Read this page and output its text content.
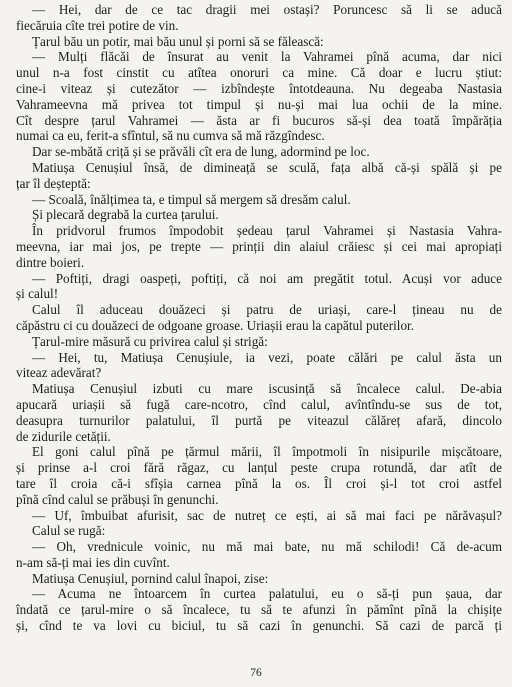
— Hei, dar de ce tac dragii mei ostași? Poruncesc să li se aducă
fiecăruia cîte trei potire de vin.
Țarul bău un potir, mai bău unul și porni să se fălească:
— Mulți flăcăi de însurat au venit la Vahramei pînă acuma, dar nici
unul n-a fost cinstit cu atîtea onoruri ca mine. Că doar e lucru știut:
cine-i viteaz și cutezător — izbîndește întotdeauna. Nu degeaba Nastasia
Vahrameevna mă privea tot timpul și nu-și mai lua ochii de la mine.
Cît despre țarul Vahramei — ăsta ar fi bucuros să-și dea toată împărăția
numai ca eu, ferit-a sfîntul, să nu cumva să mă răzgîndesc.
Dar se-mbătă criță și se prăvăli cît era de lung, adormind pe loc.
Matiușa Cenușiul însă, de dimineață se sculă, fața albă că-și spălă și pe
țar îl deșteptă:
— Scoală, înălțimea ta, e timpul să mergem să dresăm calul.
Și plecară degrabă la curtea țarului.
În pridvorul frumos împodobit ședeau țarul Vahramei și Nastasia Vahra-
meevna, iar mai jos, pe trepte — prinții din alaiul crăiesc și cei mai apropiați
dintre boieri.
— Poftiți, dragi oaspeți, poftiți, că noi am pregătit totul. Acuși vor aduce
și calul!
Calul îl aduceau douăzeci și patru de uriași, care-l țineau nu de
căpăstru ci cu douăzeci de odgoane groase. Uriașii erau la capătul puterilor.
Țarul-mire măsură cu privirea calul și strigă:
— Hei, tu, Matiușa Cenușiule, ia vezi, poate călări pe calul ăsta un
viteaz adevărat?
Matiușa Cenușiul izbuti cu mare iscusință să încalece calul. De-abia
apucară uriașii să fugă care-ncotro, cînd calul, avîntîndu-se sus de tot,
deasupra turnurilor palatului, îl purtă pe viteazul călăreț afară, dincolo
de zidurile cetății.
El goni calul pînă pe țărmul mării, îl împotmoli în nisipurile mișcătoare,
și prinse a-l croi fără răgaz, cu lanțul peste crupa rotundă, dar atît de
tare îl croia că-i sfîșia carnea pînă la os. Îl croi și-l tot croi astfel
pînă cînd calul se prăbuși în genunchi.
— Uf, îmbuibat afurisit, sac de nutreț ce ești, ai să mai faci pe nărăvașul?
Calul se rugă:
— Oh, vrednicule voinic, nu mă mai bate, nu mă schilodi! Că de-acum
n-am să-ți mai ies din cuvînt.
Matiușa Cenușiul, pornind calul înapoi, zise:
— Acuma ne întoarcem în curtea palatului, eu o să-ți pun șaua, dar
îndată ce țarul-mire o să încalece, tu să te afunzi în pămînt pînă la chișițe
și, cînd te va lovi cu biciul, tu să cazi în genunchi. Să cazi de parcă ți
76
